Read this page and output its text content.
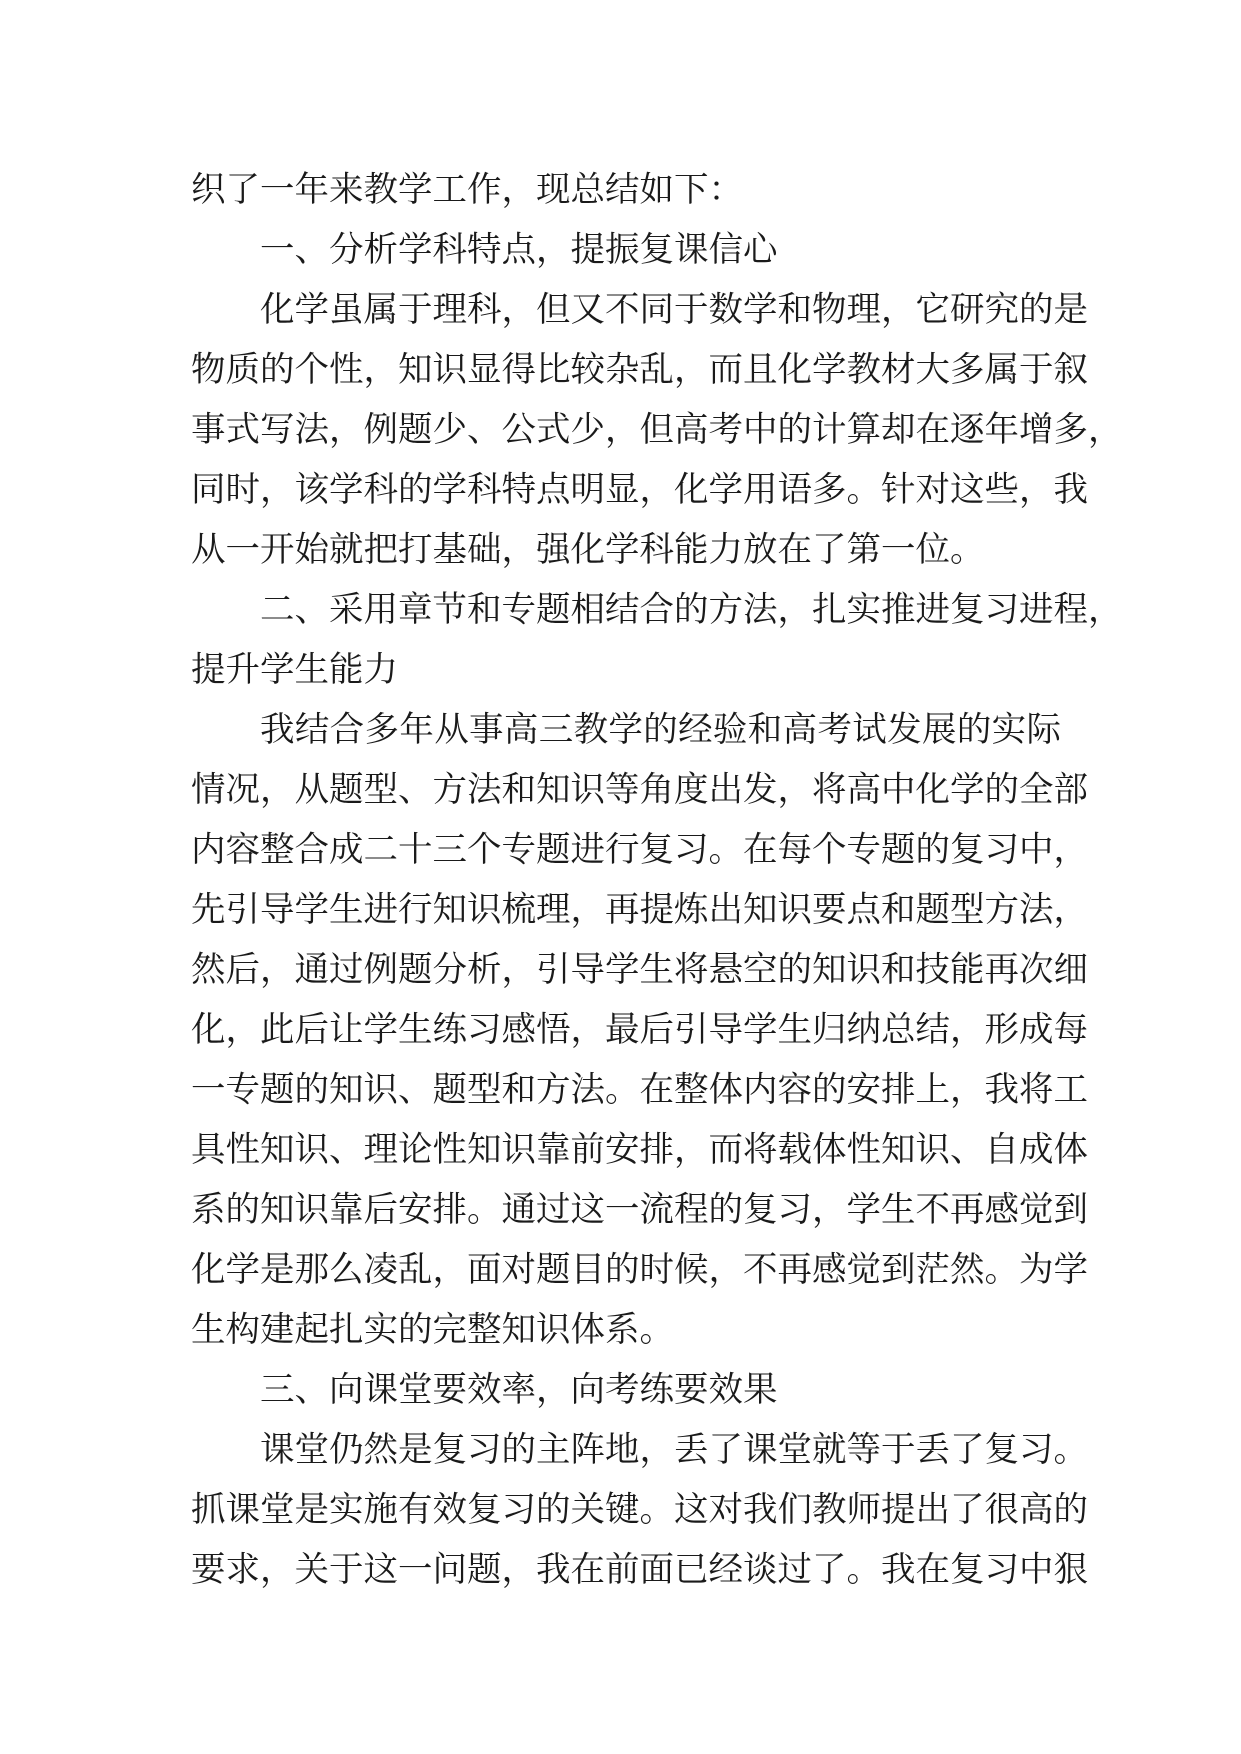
织了一年来教学工作，现总结如下：
一、分析学科特点，提振复课信心
化学虽属于理科，但又不同于数学和物理，它研究的是
物质的个性，知识显得比较杂乱，而且化学教材大多属于叙
事式写法，例题少、公式少，但高考中的计算却在逐年增多，
同时，该学科的学科特点明显，化学用语多。针对这些，我
从一开始就把打基础，强化学科能力放在了第一位。
二、采用章节和专题相结合的方法，扎实推进复习进程，
提升学生能力
我结合多年从事高三教学的经验和高考试发展的实际
情况，从题型、方法和知识等角度出发，将高中化学的全部
内容整合成二十三个专题进行复习。在每个专题的复习中，
先引导学生进行知识梳理，再提炼出知识要点和题型方法，
然后，通过例题分析，引导学生将悬空的知识和技能再次细
化，此后让学生练习感悟，最后引导学生归纳总结，形成每
一专题的知识、题型和方法。在整体内容的安排上，我将工
具性知识、理论性知识靠前安排，而将载体性知识、自成体
系的知识靠后安排。通过这一流程的复习，学生不再感觉到
化学是那么凌乱，面对题目的时候，不再感觉到茫然。为学
生构建起扎实的完整知识体系。
三、向课堂要效率，向考练要效果
课堂仍然是复习的主阵地，丢了课堂就等于丢了复习。
抓课堂是实施有效复习的关键。这对我们教师提出了很高的
要求，关于这一问题，我在前面已经谈过了。我在复习中狠
